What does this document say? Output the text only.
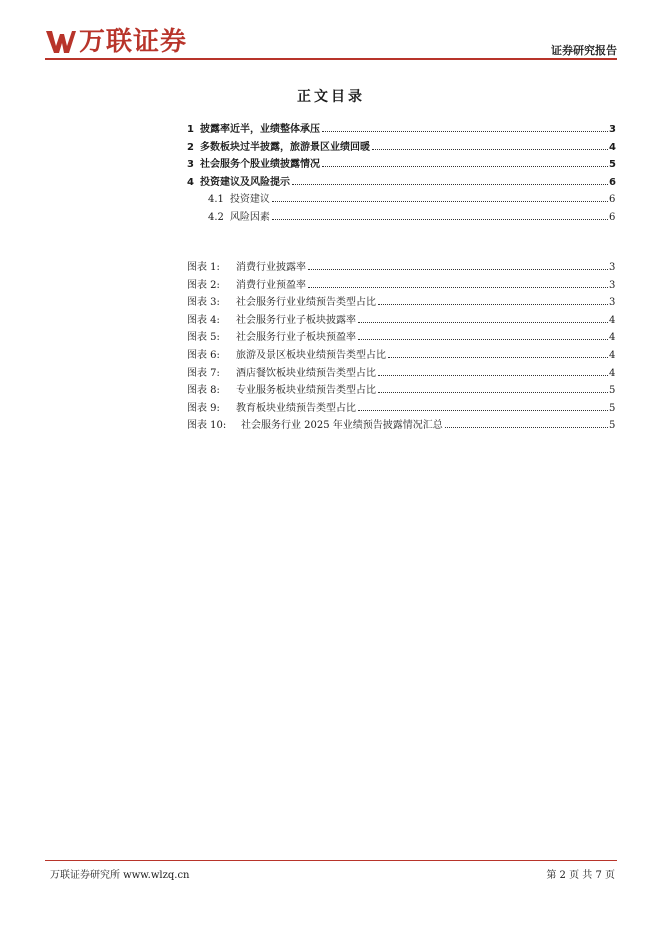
万联证券	证券研究报告
正文目录
1 披露率近半，业绩整体承压	3
2 多数板块过半披露，旅游景区业绩回暖	4
3 社会服务个股业绩披露情况	5
4 投资建议及风险提示	6
4.1 投资建议	6
4.2 风险因素	6
图表 1:	消费行业披露率	3
图表 2:	消费行业预盈率	3
图表 3:	社会服务行业业绩预告类型占比	3
图表 4:	社会服务行业子板块披露率	4
图表 5:	社会服务行业子板块预盈率	4
图表 6:	旅游及景区板块业绩预告类型占比	4
图表 7:	酒店餐饮板块业绩预告类型占比	4
图表 8:	专业服务板块业绩预告类型占比	5
图表 9:	教育板块业绩预告类型占比	5
图表 10:	社会服务行业 2025 年业绩预告披露情况汇总	5
万联证券研究所 www.wlzq.cn	第 2 页 共 7 页
